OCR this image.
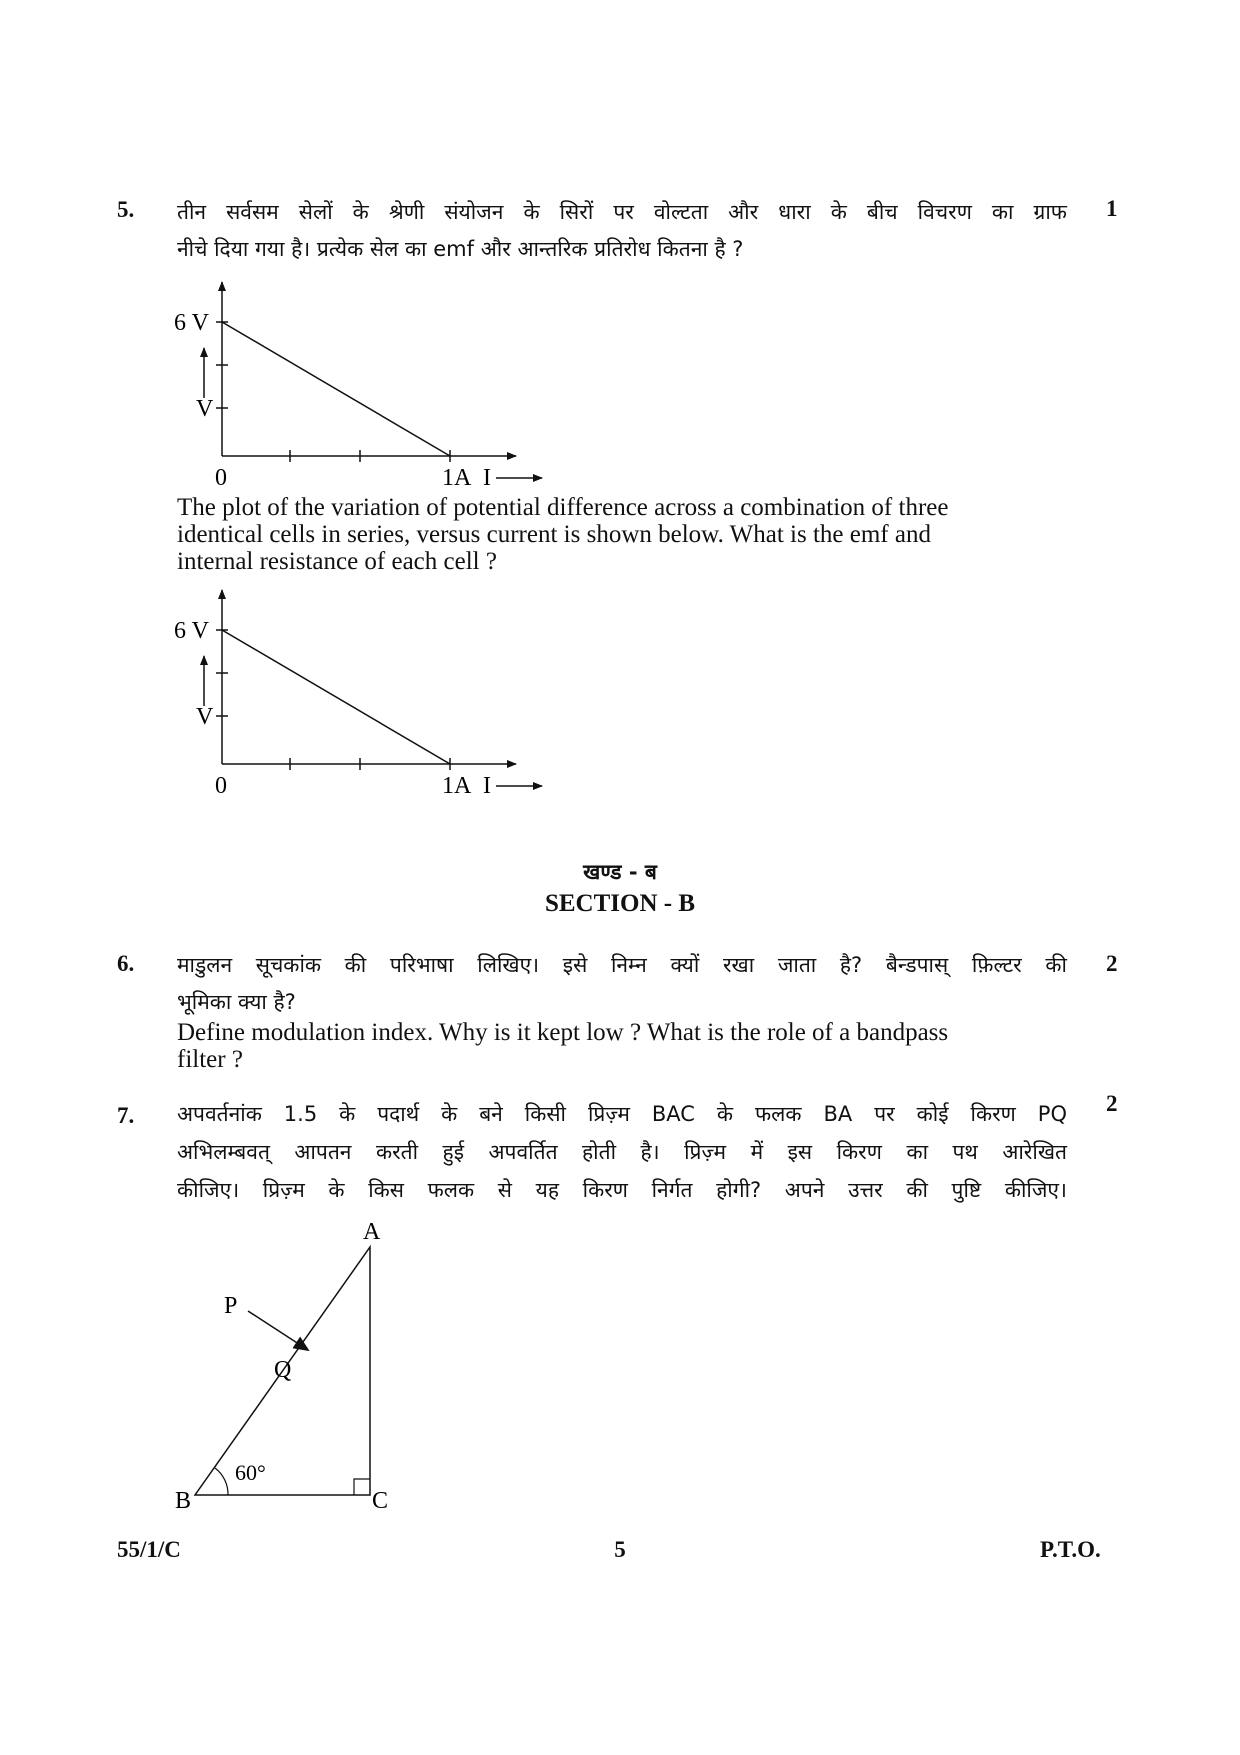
5.	1
तीन सर्वसम सेलों के श्रेणी संयोजन के सिरों पर वोल्टता और धारा के बीच विचरण का ग्राफ
नीचे दिया गया है। प्रत्येक सेल का emf और आन्तरिक प्रतिरोध कितना है ?
6 V
V
0	1A I
The plot of the variation of potential difference across a combination of three
identical cells in series, versus current is shown below. What is the emf and
internal resistance of each cell ?
6 V
V
0	1A I
खण्ड - ब
SECTION - B
6.	2
माडुलन सूचकांक की परिभाषा लिखिए। इसे निम्न क्यों रखा जाता है? बैन्डपास् फ़िल्टर की
भूमिका क्या है?
Define modulation index. Why is it kept low ? What is the role of a bandpass
filter ?
7.	2
अपवर्तनांक 1.5 के पदार्थ के बने किसी प्रिज़्म BAC के फलक BA पर कोई किरण PQ
अभिलम्बवत् आपतन करती हुई अपवर्तित होती है। प्रिज़्म में इस किरण का पथ आरेखित
कीजिए। प्रिज़्म के किस फलक से यह किरण निर्गत होगी? अपने उत्तर की पुष्टि कीजिए।
A
B	C
P
Q
60°
55/1/C	5	P.T.O.
